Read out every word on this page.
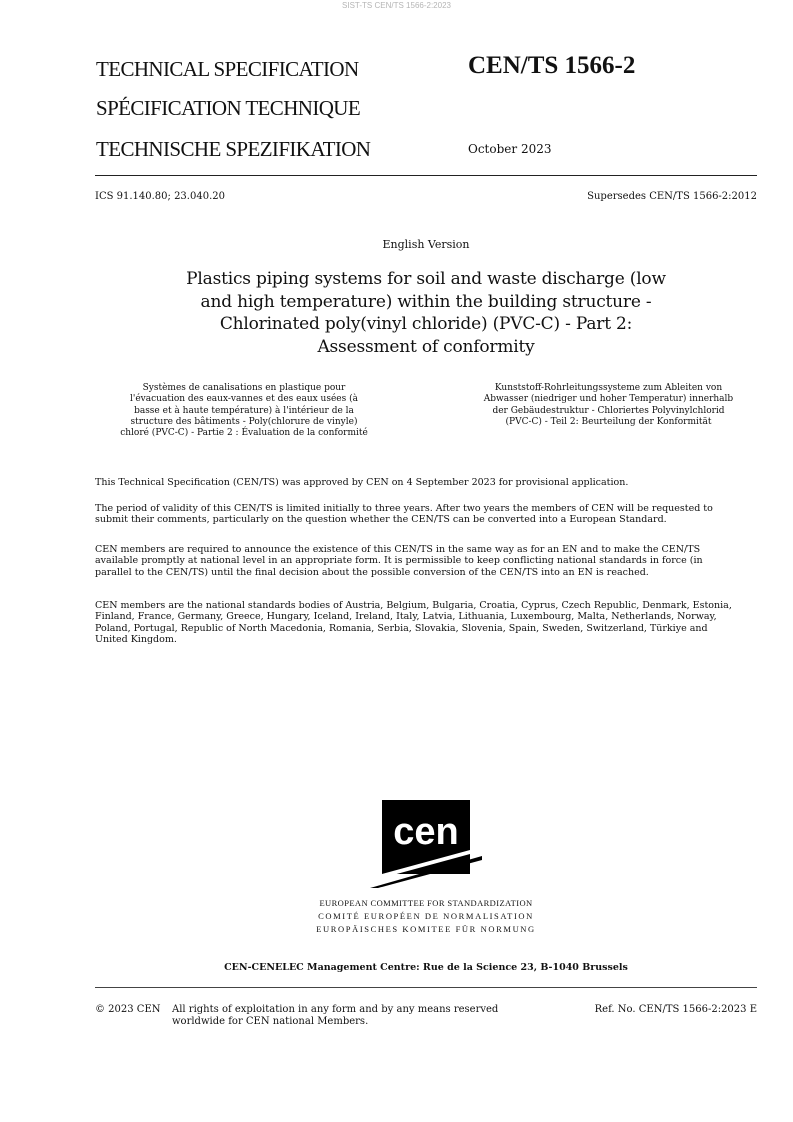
SIST-TS CEN/TS 1566-2:2023
TECHNICAL SPECIFICATION
SPÉCIFICATION TECHNIQUE
TECHNISCHE SPEZIFIKATION
CEN/TS 1566-2
October 2023
ICS 91.140.80; 23.040.20	Supersedes CEN/TS 1566-2:2012
English Version
Plastics piping systems for soil and waste discharge (low
and high temperature) within the building structure -
Chlorinated poly(vinyl chloride) (PVC-C) - Part 2:
Assessment of conformity
Systèmes de canalisations en plastique pour
l'évacuation des eaux-vannes et des eaux usées (à
basse et à haute température) à l'intérieur de la
structure des bâtiments - Poly(chlorure de vinyle)
chloré (PVC-C) - Partie 2 : Évaluation de la conformité
Kunststoff-Rohrleitungssysteme zum Ableiten von
Abwasser (niedriger und hoher Temperatur) innerhalb
der Gebäudestruktur - Chloriertes Polyvinylchlorid
(PVC-C) - Teil 2: Beurteilung der Konformität
This Technical Specification (CEN/TS) was approved by CEN on 4 September 2023 for provisional application.
The period of validity of this CEN/TS is limited initially to three years. After two years the members of CEN will be requested to
submit their comments, particularly on the question whether the CEN/TS can be converted into a European Standard.
CEN members are required to announce the existence of this CEN/TS in the same way as for an EN and to make the CEN/TS
available promptly at national level in an appropriate form. It is permissible to keep conflicting national standards in force (in
parallel to the CEN/TS) until the final decision about the possible conversion of the CEN/TS into an EN is reached.
CEN members are the national standards bodies of Austria, Belgium, Bulgaria, Croatia, Cyprus, Czech Republic, Denmark, Estonia,
Finland, France, Germany, Greece, Hungary, Iceland, Ireland, Italy, Latvia, Lithuania, Luxembourg, Malta, Netherlands, Norway,
Poland, Portugal, Republic of North Macedonia, Romania, Serbia, Slovakia, Slovenia, Spain, Sweden, Switzerland, Türkiye and
United Kingdom.
cen
EUROPEAN COMMITTEE FOR STANDARDIZATION
COMITÉ EUROPÉEN DE NORMALISATION
EUROPÄISCHES KOMITEE FÜR NORMUNG
CEN-CENELEC Management Centre: Rue de la Science 23, B-1040 Brussels
© 2023 CEN All rights of exploitation in any form and by any means reserved
worldwide for CEN national Members.
Ref. No. CEN/TS 1566-2:2023 E
